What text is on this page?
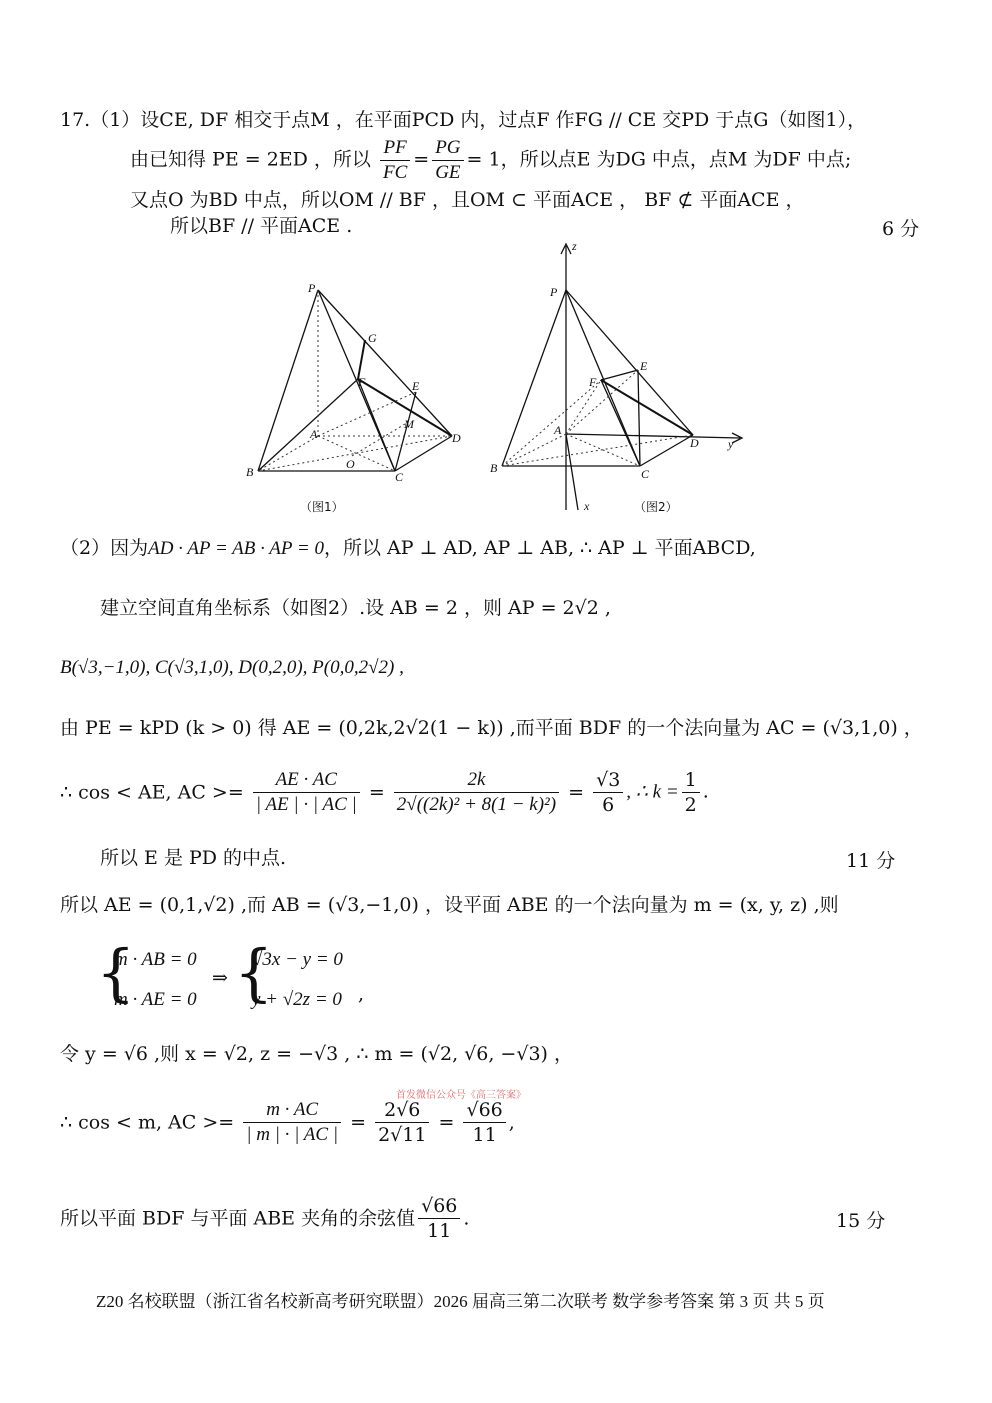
17.（1）设CE, DF 相交于点M ，在平面PCD 内，过点F 作FG // CE 交PD 于点G（如图1），
由已知得 PE = 2ED ，所以 $\frac{PF}{FC} = \frac{PG}{GE} = 1$，所以点E 为DG 中点，点M 为DF 中点;
又点O 为BD 中点，所以OM // BF ，且OM ⊂ 平面ACE ， BF ⊄ 平面ACE ，
所以BF // 平面ACE .	6 分
P
G
F	E
M
A	D
O
B	C
（图1）
z
P
E
F
A
D y
B	C
x	（图2）
（2）因为AD · AP = AB · AP = 0，所以 AP ⊥ AD, AP ⊥ AB, ∴ AP ⊥ 平面ABCD,
建立空间直角坐标系（如图2）.设 AB = 2 ，则 AP = 2√2 ,
B(√3,−1,0), C(√3,1,0), D(0,2,0), P(0,0,2√2) ,
由 PE = kPD (k > 0) 得 AE = (0,2k,2√2(1 − k)) ,而平面 BDF 的一个法向量为 AC = (√3,1,0) ，
∴ cos < AE, AC >= $\frac{AE \cdot AC}{| AE | \cdot | AC |} = \frac{2k}{\text{2√((2k)² + 8(1 − k)²)}} = \frac{√3}{6}$ , ∴ $k = \frac{1}{2}$ .
所以 E 是 PD 的中点.	11 分
所以 AE = (0,1,√2) ,而 AB = (√3,−1,0) ，设平面 ABE 的一个法向量为 m = (x, y, z) ,则
{
m · AB = 0
m · AE = 0
⇒ {
√3x − y = 0
y + √2z = 0 ,
令 y = √6 ,则 x = √2, z = −√3 , ∴ m = (√2, √6, −√3) ，
首发微信公众号《高三答案》
∴ cos < m, AC >= $\frac{m \cdot AC}{| m | \cdot | AC |} = \frac{2√6}{2√11} = \frac{√66}{11}$ ,
所以平面 BDF 与平面 ABE 夹角的余弦值 $\frac{√66}{11}$ .	15 分
Z20 名校联盟（浙江省名校新高考研究联盟）2026 届高三第二次联考 数学参考答案 第 3 页 共 5 页
